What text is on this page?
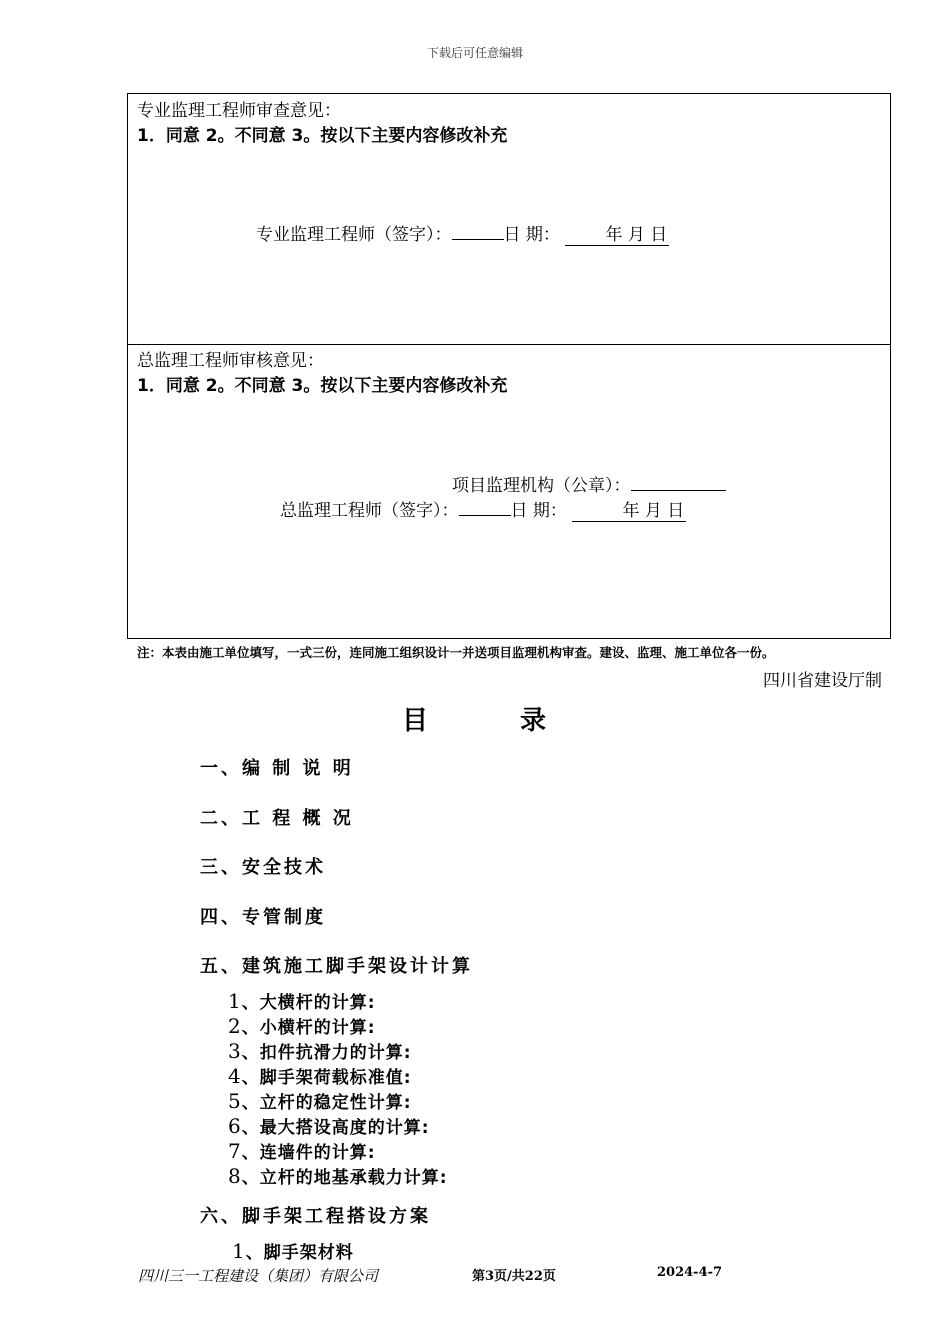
下载后可任意编辑
专业监理工程师审查意见：
1．同意 2。不同意 3。按以下主要内容修改补充
专业监理工程师（签字）：	日 期：	年 月 日
总监理工程师审核意见：
1．同意 2。不同意 3。按以下主要内容修改补充
项目监理机构（公章）：
总监理工程师（签字）：	日 期：	年 月 日
注：本表由施工单位填写，一式三份，连同施工组织设计一并送项目监理机构审查。建设、监理、施工单位各一份。
四川省建设厅制
目	录
一、编 制 说 明
二、工 程 概 况
三、安全技术
四、专管制度
五、建筑施工脚手架设计计算
1、大横杆的计算:
2、小横杆的计算:
3、扣件抗滑力的计算:
4、脚手架荷载标准值:
5、立杆的稳定性计算:
6、最大搭设高度的计算:
7、连墙件的计算:
8、立杆的地基承载力计算:
六、脚手架工程搭设方案
1、脚手架材料
四川三一工程建设（集团）有限公司	第3页/共22页	2024-4-7
